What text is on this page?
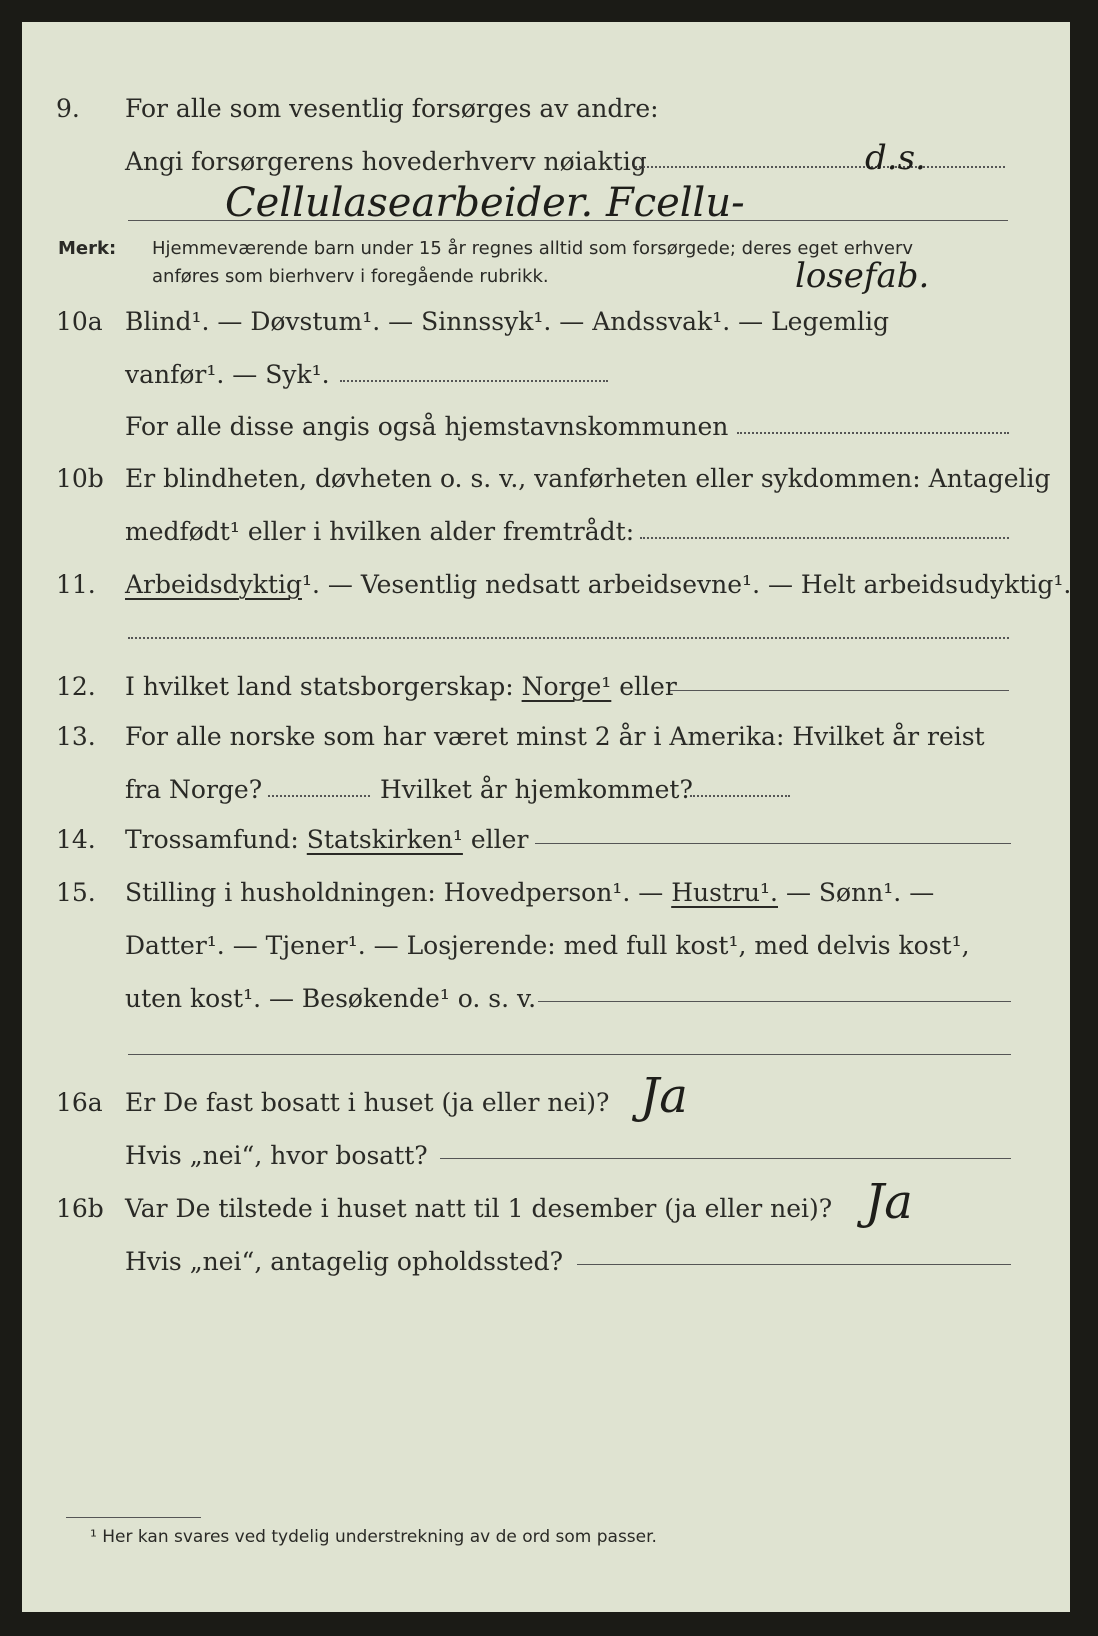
9. For alle som vesentlig forsørges av andre:
Angi forsørgerens hovederhverv nøiaktig	d.s.
Cellulasearbeider. Fcellu-
Merk: Hjemmeværende barn under 15 år regnes alltid som forsørgede; deres eget erhverv
anføres som bierhverv i foregående rubrikk.	losefab.
10a Blind¹. — Døvstum¹. — Sinnssyk¹. — Andssvak¹. — Legemlig
vanfør¹. — Syk¹.
For alle disse angis også hjemstavnskommunen
10b Er blindheten, døvheten o. s. v., vanførheten eller sykdommen: Antagelig
medfødt¹ eller i hvilken alder fremtrådt:
11. Arbeidsdyktig¹. — Vesentlig nedsatt arbeidsevne¹. — Helt arbeidsudyktig¹.
12. I hvilket land statsborgerskap: Norge¹ eller
13. For alle norske som har været minst 2 år i Amerika: Hvilket år reist
fra Norge?	Hvilket år hjemkommet?
14. Trossamfund: Statskirken¹ eller
15. Stilling i husholdningen: Hovedperson¹. — Hustru¹. — Sønn¹. —
Datter¹. — Tjener¹. — Losjerende: med full kost¹, med delvis kost¹,
uten kost¹. — Besøkende¹ o. s. v.
16a Er De fast bosatt i huset (ja eller nei)? Ja
Hvis „nei“, hvor bosatt?
16b Var De tilstede i huset natt til 1 desember (ja eller nei)? Ja
Hvis „nei“, antagelig opholdssted?
¹ Her kan svares ved tydelig understrekning av de ord som passer.
